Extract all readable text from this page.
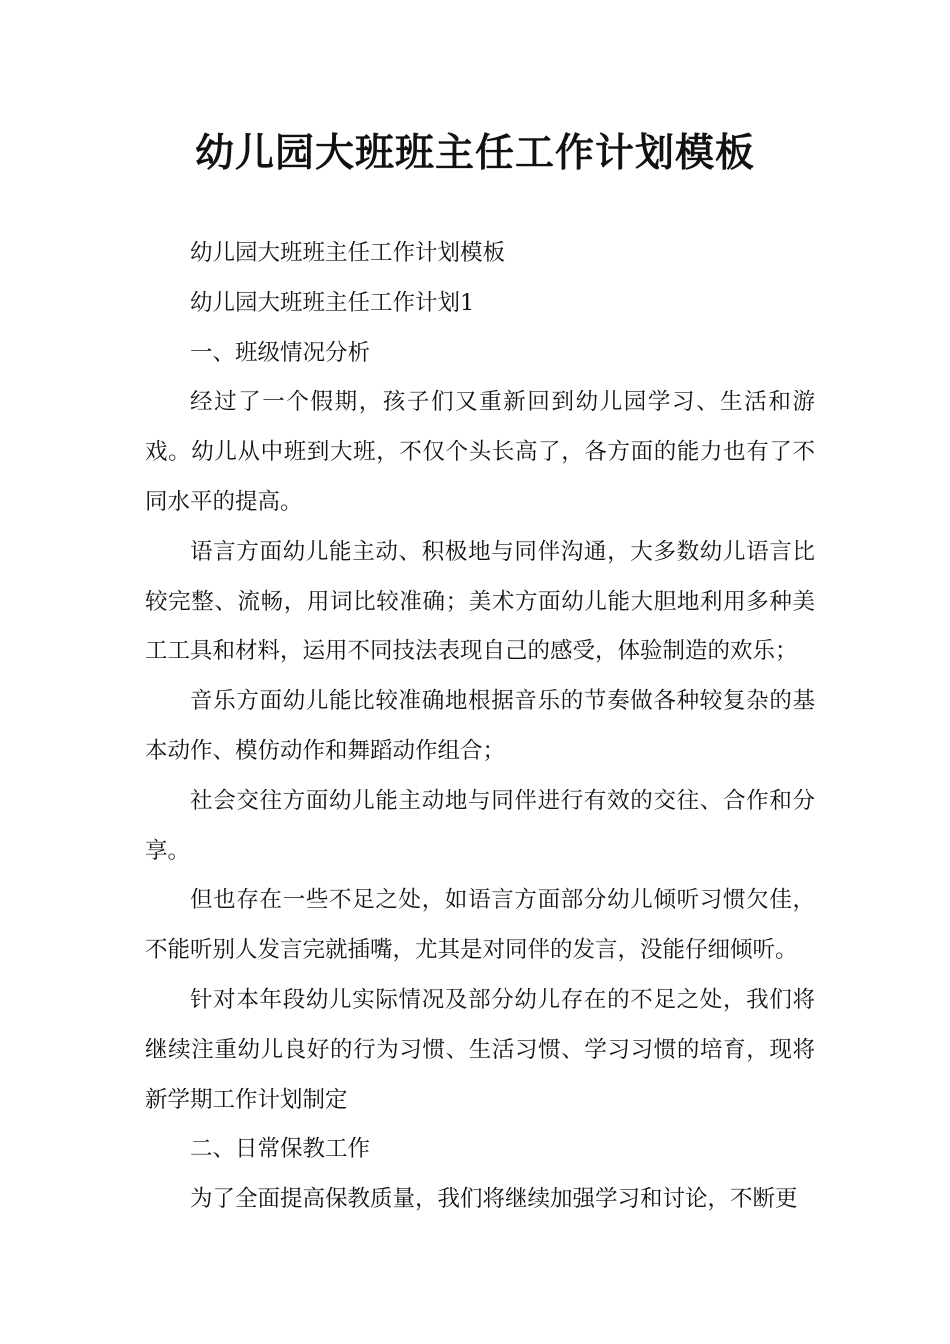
幼儿园大班班主任工作计划模板

幼儿园大班班主任工作计划模板

幼儿园大班班主任工作计划1

一、班级情况分析

经过了一个假期，孩子们又重新回到幼儿园学习、生活和游戏。幼儿从中班到大班，不仅个头长高了，各方面的能力也有了不同水平的提高。

语言方面幼儿能主动、积极地与同伴沟通，大多数幼儿语言比较完整、流畅，用词比较准确；美术方面幼儿能大胆地利用多种美工工具和材料，运用不同技法表现自己的感受，体验制造的欢乐；

音乐方面幼儿能比较准确地根据音乐的节奏做各种较复杂的基本动作、模仿动作和舞蹈动作组合；

社会交往方面幼儿能主动地与同伴进行有效的交往、合作和分享。

但也存在一些不足之处，如语言方面部分幼儿倾听习惯欠佳，不能听别人发言完就插嘴，尤其是对同伴的发言，没能仔细倾听。

针对本年段幼儿实际情况及部分幼儿存在的不足之处，我们将继续注重幼儿良好的行为习惯、生活习惯、学习习惯的培育，现将新学期工作计划制定

二、日常保教工作

为了全面提高保教质量，我们将继续加强学习和讨论，不断更
